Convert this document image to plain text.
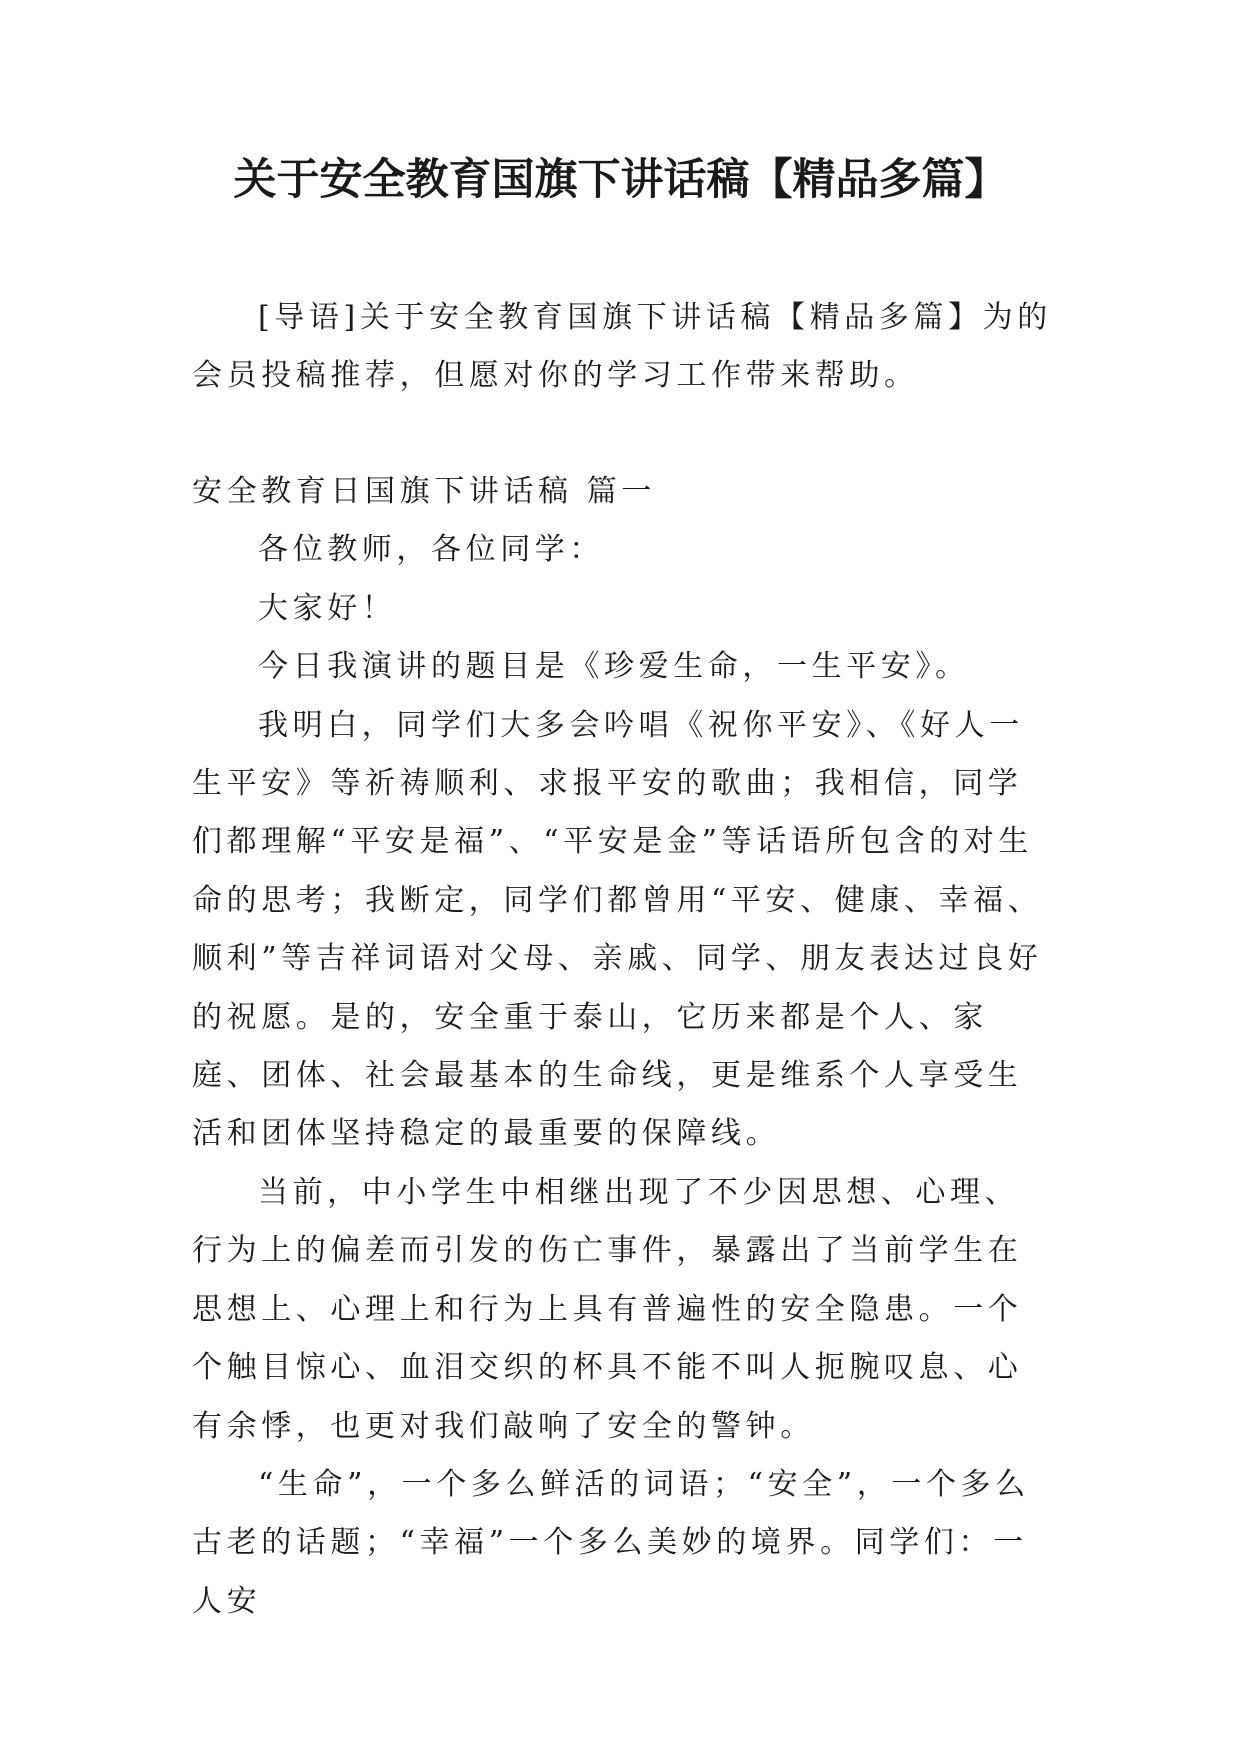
关于安全教育国旗下讲话稿【精品多篇】

[导语]关于安全教育国旗下讲话稿【精品多篇】为的会员投稿推荐，但愿对你的学习工作带来帮助。

安全教育日国旗下讲话稿 篇一

各位教师，各位同学：

大家好！

今日我演讲的题目是《珍爱生命，一生平安》。

我明白，同学们大多会吟唱《祝你平安》、《好人一生平安》等祈祷顺利、求报平安的歌曲；我相信，同学们都理解“平安是福”、“平安是金”等话语所包含的对生命的思考；我断定，同学们都曾用“平安、健康、幸福、顺利”等吉祥词语对父母、亲戚、同学、朋友表达过良好的祝愿。是的，安全重于泰山，它历来都是个人、家庭、团体、社会最基本的生命线，更是维系个人享受生活和团体坚持稳定的最重要的保障线。

当前，中小学生中相继出现了不少因思想、心理、行为上的偏差而引发的伤亡事件，暴露出了当前学生在思想上、心理上和行为上具有普遍性的安全隐患。一个个触目惊心、血泪交织的杯具不能不叫人扼腕叹息、心有余悸，也更对我们敲响了安全的警钟。

“生命”，一个多么鲜活的词语；“安全”，一个多么古老的话题；“幸福”一个多么美妙的境界。同学们：一人安
